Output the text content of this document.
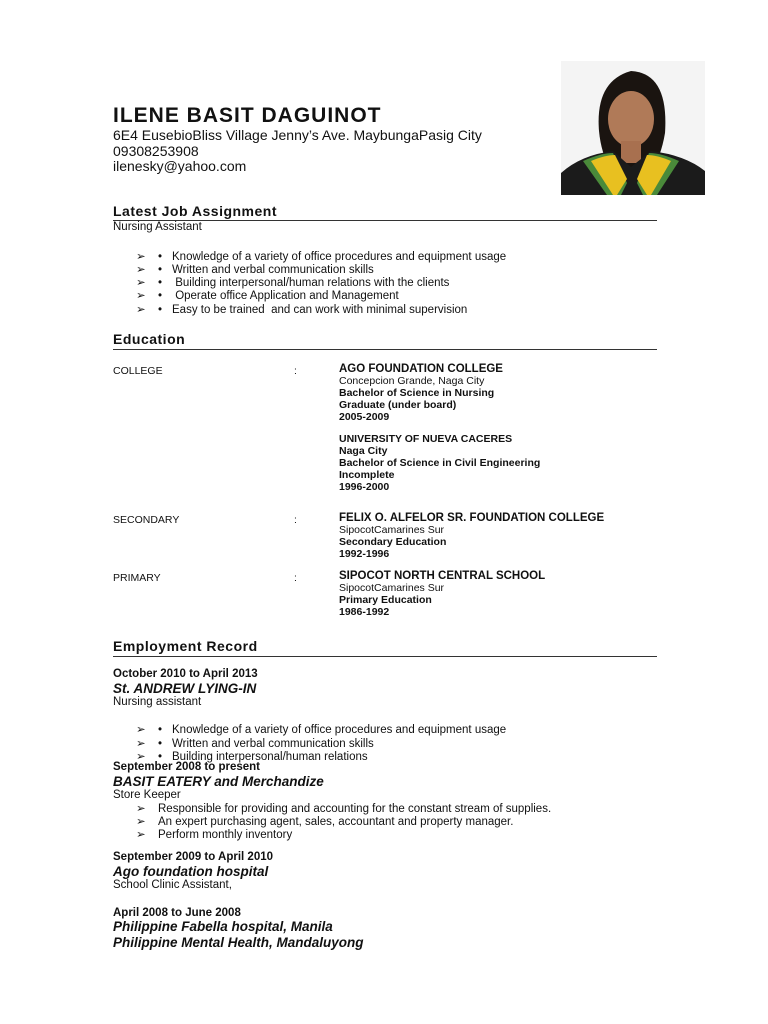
ILENE BASIT DAGUINOT
6E4 EusebioBliss Village Jenny’s Ave. MaybungaPasig City
09308253908
ilenesky@yahoo.com
Latest Job Assignment
Nursing Assistant
➢ • Knowledge of a variety of office procedures and equipment usage
➢ • Written and verbal communication skills
➢ • Building interpersonal/human relations with the clients
➢ • Operate office Application and Management
➢ • Easy to be trained  and can work with minimal supervision
Education
COLLEGE	:	AGO FOUNDATION COLLEGE
Concepcion Grande, Naga City
Bachelor of Science in Nursing
Graduate (under board)
2005-2009
UNIVERSITY OF NUEVA CACERES
Naga City
Bachelor of Science in Civil Engineering
Incomplete
1996-2000
SECONDARY	:	FELIX O. ALFELOR SR. FOUNDATION COLLEGE
SipocotCamarines Sur
Secondary Education
1992-1996
PRIMARY	:	SIPOCOT NORTH CENTRAL SCHOOL
SipocotCamarines Sur
Primary Education
1986-1992
Employment Record
October 2010 to April 2013
St. ANDREW LYING-IN
Nursing assistant
➢ • Knowledge of a variety of office procedures and equipment usage
➢ • Written and verbal communication skills
➢ • Building interpersonal/human relations
September 2008 to present
BASIT EATERY and Merchandize
Store Keeper
➢ Responsible for providing and accounting for the constant stream of supplies.
➢ An expert purchasing agent, sales, accountant and property manager.
➢ Perform monthly inventory
September 2009 to April 2010
Ago foundation hospital
School Clinic Assistant,
April 2008 to June 2008
Philippine Fabella hospital, Manila
Philippine Mental Health, Mandaluyong
